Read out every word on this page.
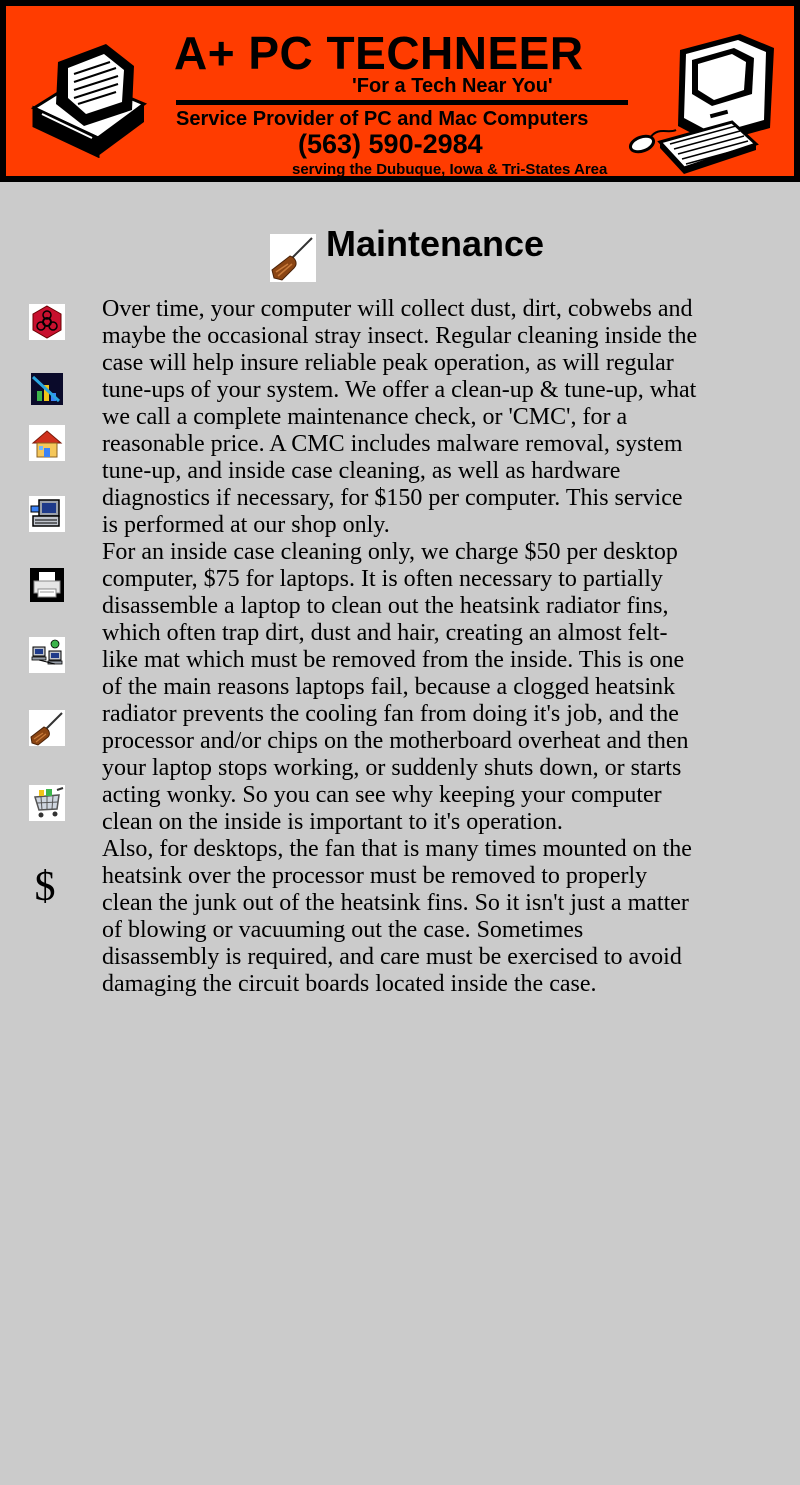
A+ PC TECHNEER
'For a Tech Near You'
Service Provider of PC and Mac Computers
(563) 590-2984
serving the Dubuque, Iowa & Tri-States Area
Maintenance
$

Over time, your computer will collect dust, dirt, cobwebs and maybe the occasional stray insect. Regular cleaning inside the case will help insure reliable peak operation, as will regular tune-ups of your system. We offer a clean-up & tune-up, what we call a complete maintenance check, or 'CMC', for a reasonable price. A CMC includes malware removal, system tune-up, and inside case cleaning, as well as hardware diagnostics if necessary, for $150 per computer. This service is performed at our shop only.

For an inside case cleaning only, we charge $50 per desktop computer, $75 for laptops. It is often necessary to partially disassemble a laptop to clean out the heatsink radiator fins, which often trap dirt, dust and hair, creating an almost felt-like mat which must be removed from the inside. This is one of the main reasons laptops fail, because a clogged heatsink radiator prevents the cooling fan from doing it's job, and the processor and/or chips on the motherboard overheat and then your laptop stops working, or suddenly shuts down, or starts acting wonky. So you can see why keeping your computer clean on the inside is important to it's operation.

Also, for desktops, the fan that is many times mounted on the heatsink over the processor must be removed to properly clean the junk out of the heatsink fins. So it isn't just a matter of blowing or vacuuming out the case. Sometimes disassembly is required, and care must be exercised to avoid damaging the circuit boards located inside the case.
